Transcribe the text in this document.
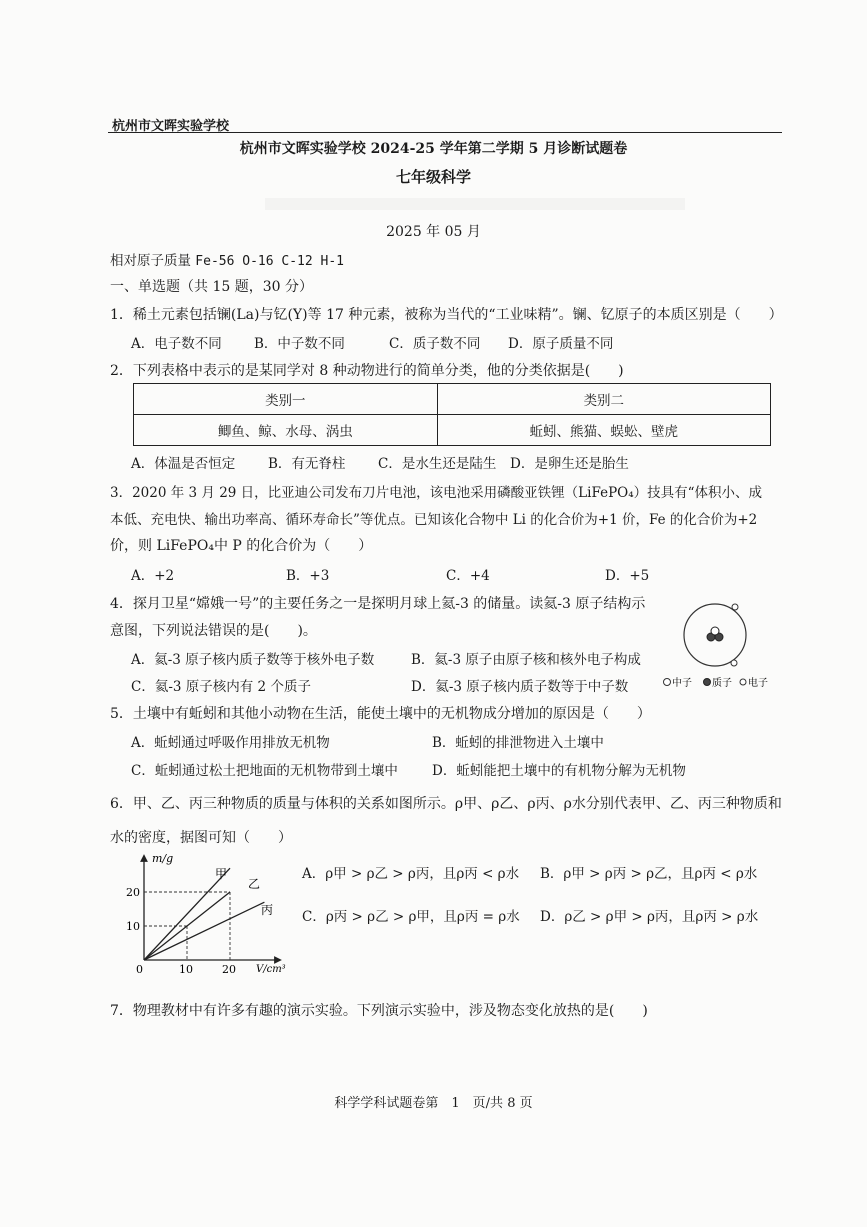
杭州市文晖实验学校
杭州市文晖实验学校 2024-25 学年第二学期 5 月诊断试题卷
七年级科学
2025 年 05 月
相对原子质量 Fe-56 O-16 C-12 H-1
一、单选题（共 15 题，30 分）
1．稀土元素包括镧(La)与钇(Y)等 17 种元素，被称为当代的“工业味精”。镧、钇原子的本质区别是（　　）
A．电子数不同 B．中子数不同	C．质子数不同 D．原子质量不同
2．下列表格中表示的是某同学对 8 种动物进行的简单分类，他的分类依据是(　　)
类别一	类别二
鲫鱼、鲸、水母、涡虫	蚯蚓、熊猫、蜈蚣、壁虎
A．体温是否恒定 B．有无脊柱 C．是水生还是陆生 D．是卵生还是胎生
3．2020 年 3 月 29 日，比亚迪公司发布刀片电池，该电池采用磷酸亚铁锂（LiFePO₄）技具有“体积小、成
本低、充电快、输出功率高、循环寿命长”等优点。已知该化合物中 Li 的化合价为+1 价，Fe 的化合价为+2
价，则 LiFePO₄中 P 的化合价为（　　）
A．+2	B．+3	C．+4	D．+5
4．探月卫星“嫦娥一号”的主要任务之一是探明月球上氦-3 的储量。读氦-3 原子结构示
意图，下列说法错误的是(　　)。
A．氦-3 原子核内质子数等于核外电子数	B．氦-3 原子由原子核和核外电子构成
C．氦-3 原子核内有 2 个质子	D．氦-3 原子核内质子数等于中子数	中子 质子 电子
5．土壤中有蚯蚓和其他小动物在生活，能使土壤中的无机物成分增加的原因是（　　）
A．蚯蚓通过呼吸作用排放无机物	B．蚯蚓的排泄物进入土壤中
C．蚯蚓通过松土把地面的无机物带到土壤中	D．蚯蚓能把土壤中的有机物分解为无机物
6．甲、乙、丙三种物质的质量与体积的关系如图所示。ρ甲、ρ乙、ρ丙、ρ水分别代表甲、乙、丙三种物质和
水的密度，据图可知（　　）
m/g
V/cm³
20
10
0	10	20
甲
乙
丙
A．ρ甲 > ρ乙 > ρ丙，且ρ丙 < ρ水 B．ρ甲 > ρ丙 > ρ乙，且ρ丙 < ρ水
C．ρ丙 > ρ乙 > ρ甲，且ρ丙 = ρ水 D．ρ乙 > ρ甲 > ρ丙，且ρ丙 > ρ水
7．物理教材中有许多有趣的演示实验。下列演示实验中，涉及物态变化放热的是(　　)
科学学科试题卷第　1　页/共 8 页
